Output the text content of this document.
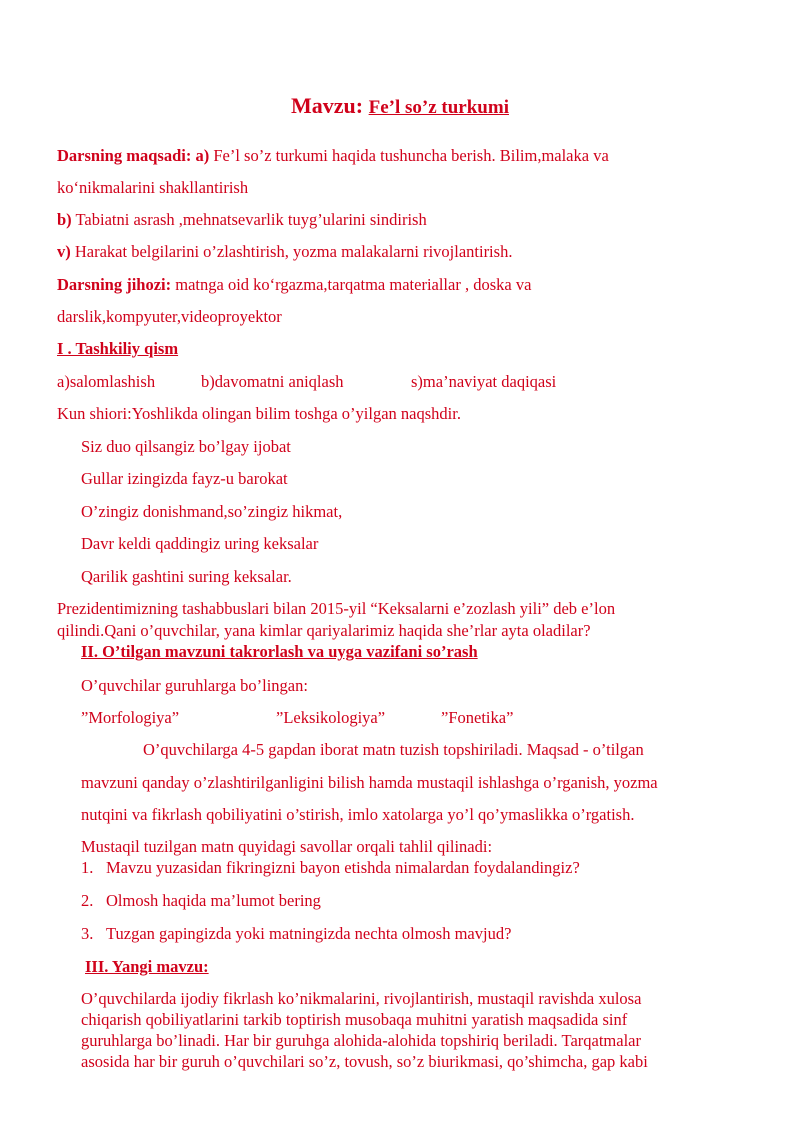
Mavzu: Fe’l so’z turkumi
Darsning maqsadi: a) Fe’l so’z turkumi haqida tushuncha berish. Bilim,malaka va
ko‘nikmalarini shakllantirish
b) Tabiatni asrash ,mehnatsevarlik tuyg’ularini sindirish
v) Harakat belgilarini o’zlashtirish, yozma malakalarni rivojlantirish.
Darsning jihozi: matnga oid ko‘rgazma,tarqatma materiallar , doska va
darslik,kompyuter,videoproyektor
I . Tashkiliy qism
a)salomlashish	b)davomatni aniqlash	s)ma’naviyat daqiqasi
Kun shiori:Yoshlikda olingan bilim toshga o’yilgan naqshdir.
Siz duo qilsangiz bo’lgay ijobat
Gullar izingizda fayz-u barokat
O’zingiz donishmand,so’zingiz hikmat,
Davr keldi qaddingiz uring keksalar
Qarilik gashtini suring keksalar.
Prezidentimizning tashabbuslari bilan 2015-yil “Keksalarni e’zozlash yili” deb e’lon
qilindi.Qani o’quvchilar, yana kimlar qariyalarimiz haqida she’rlar ayta oladilar?
II. O’tilgan mavzuni takrorlash va uyga vazifani so’rash
O’quvchilar guruhlarga bo’lingan:
”Morfologiya”	”Leksikologiya”	”Fonetika”
O’quvchilarga 4-5 gapdan iborat matn tuzish topshiriladi. Maqsad - o’tilgan
mavzuni qanday o’zlashtirilganligini bilish hamda mustaqil ishlashga o’rganish, yozma
nutqini va fikrlash qobiliyatini o’stirish, imlo xatolarga yo’l qo’ymaslikka o’rgatish.
Mustaqil tuzilgan matn quyidagi savollar orqali tahlil qilinadi:
1. Mavzu yuzasidan fikringizni bayon etishda nimalardan foydalandingiz?
2. Olmosh haqida ma’lumot bering
3. Tuzgan gapingizda yoki matningizda nechta olmosh mavjud?
III. Yangi mavzu:
O’quvchilarda ijodiy fikrlash ko’nikmalarini, rivojlantirish, mustaqil ravishda xulosa
chiqarish qobiliyatlarini tarkib toptirish musobaqa muhitni yaratish maqsadida sinf
guruhlarga bo’linadi. Har bir guruhga alohida-alohida topshiriq beriladi. Tarqatmalar
asosida har bir guruh o’quvchilari so’z, tovush, so’z biurikmasi, qo’shimcha, gap kabi
